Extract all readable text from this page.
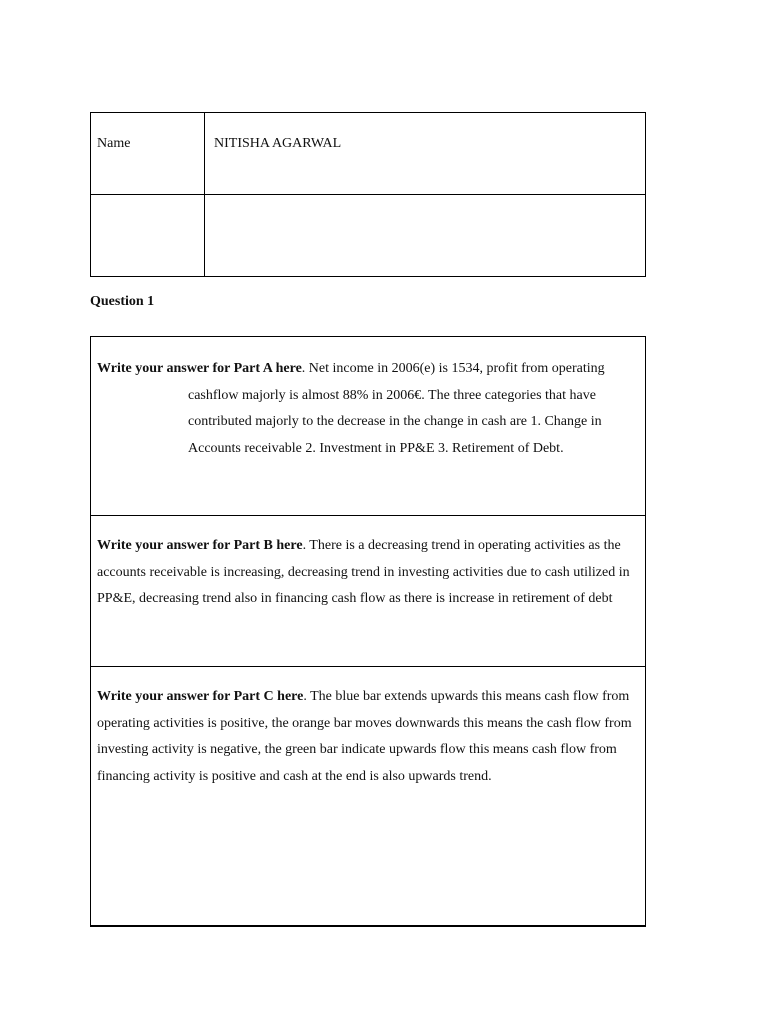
Name	NITISHA AGARWAL
Question 1
Write your answer for Part A here. Net income in 2006(e) is 1534, profit from operating cashflow majorly is almost 88% in 2006€. The three categories that have contributed majorly to the decrease in the change in cash are 1. Change in Accounts receivable 2. Investment in PP&E 3. Retirement of Debt.
Write your answer for Part B here. There is a decreasing trend in operating activities as the accounts receivable is increasing, decreasing trend in investing activities due to cash utilized in PP&E, decreasing trend also in financing cash flow as there is increase in retirement of debt
Write your answer for Part C here. The blue bar extends upwards this means cash flow from operating activities is positive, the orange bar moves downwards this means the cash flow from investing activity is negative, the green bar indicate upwards flow this means cash flow from financing activity is positive and cash at the end is also upwards trend.
